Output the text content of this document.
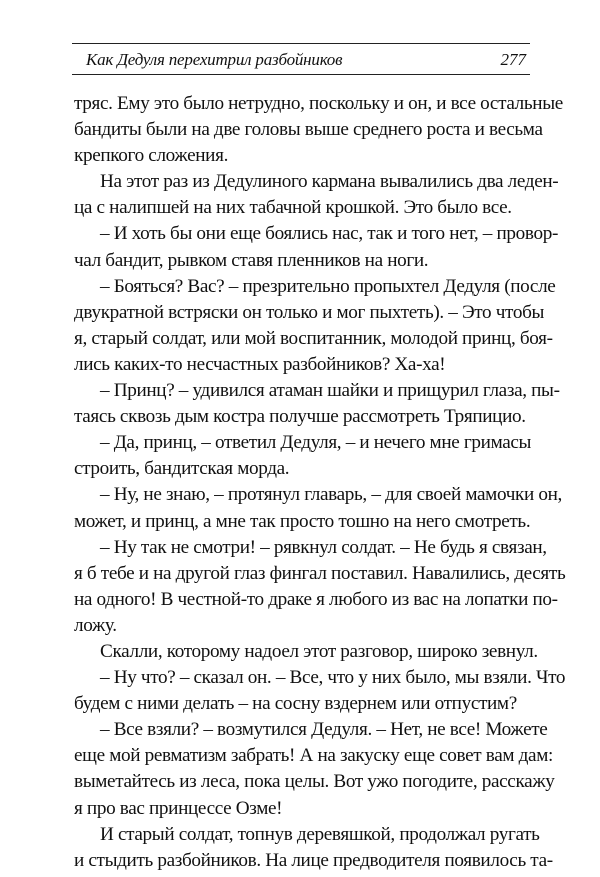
Как Дедуля перехитрил разбойников	277
тряс. Ему это было нетрудно, поскольку и он, и все остальные
бандиты были на две головы выше среднего роста и весьма
крепкого сложения.
На этот раз из Дедулиного кармана вывалились два леден-
ца с налипшей на них табачной крошкой. Это было все.
– И хоть бы они еще боялись нас, так и того нет, – провор-
чал бандит, рывком ставя пленников на ноги.
– Бояться? Вас? – презрительно пропыхтел Дедуля (после
двукратной встряски он только и мог пыхтеть). – Это чтобы
я, старый солдат, или мой воспитанник, молодой принц, боя-
лись каких-то несчастных разбойников? Ха-ха!
– Принц? – удивился атаман шайки и прищурил глаза, пы-
таясь сквозь дым костра получше рассмотреть Тряпицио.
– Да, принц, – ответил Дедуля, – и нечего мне гримасы
строить, бандитская морда.
– Ну, не знаю, – протянул главарь, – для своей мамочки он,
может, и принц, а мне так просто тошно на него смотреть.
– Ну так не смотри! – рявкнул солдат. – Не будь я связан,
я б тебе и на другой глаз фингал поставил. Навалились, десять
на одного! В честной-то драке я любого из вас на лопатки по-
ложу.
Скалли, которому надоел этот разговор, широко зевнул.
– Ну что? – сказал он. – Все, что у них было, мы взяли. Что
будем с ними делать – на сосну вздернем или отпустим?
– Все взяли? – возмутился Дедуля. – Нет, не все! Можете
еще мой ревматизм забрать! А на закуску еще совет вам дам:
выметайтесь из леса, пока целы. Вот ужо погодите, расскажу
я про вас принцессе Озме!
И старый солдат, топнув деревяшкой, продолжал ругать
и стыдить разбойников. На лице предводителя появилось та-
